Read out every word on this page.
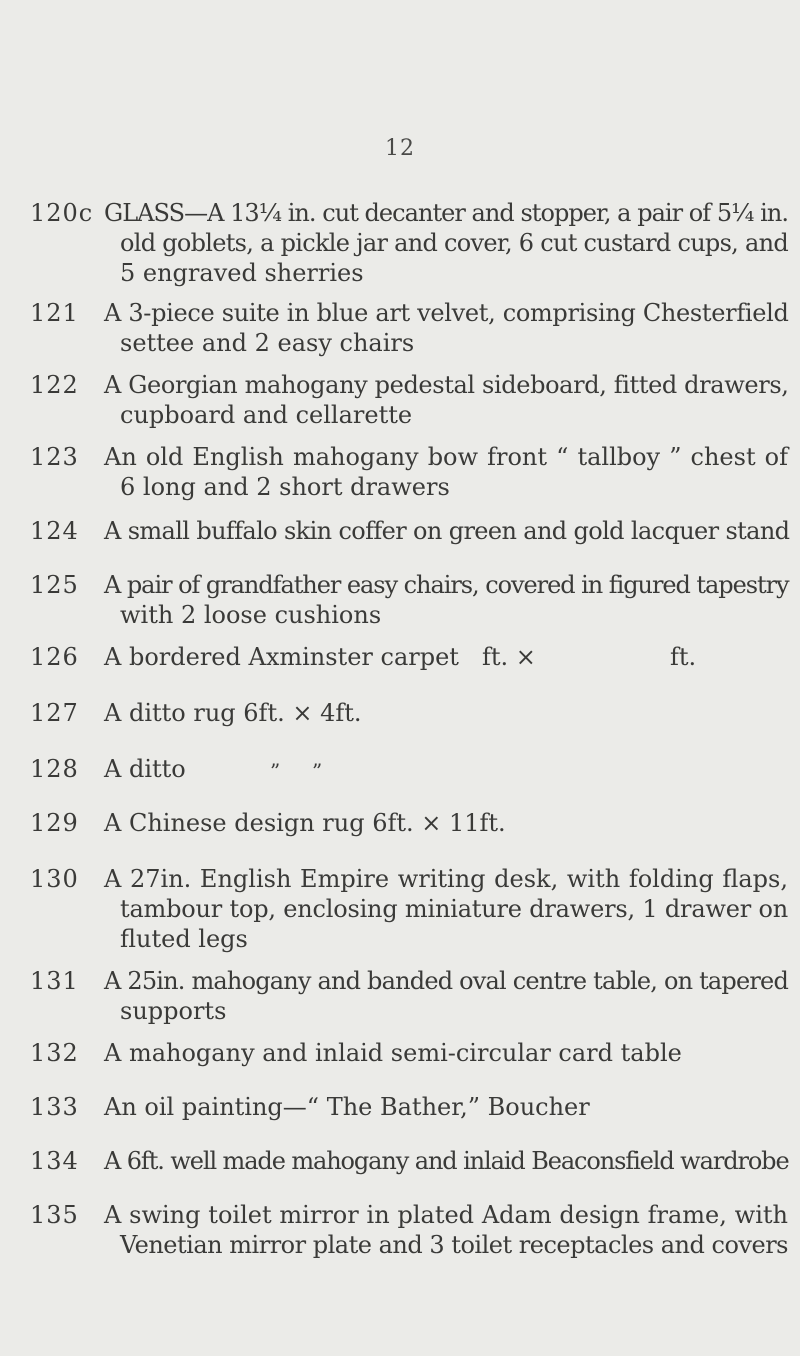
12
120c GLASS—A 13¼ in. cut decanter and stopper, a pair of 5¼ in.
old goblets, a pickle jar and cover, 6 cut custard cups, and
5 engraved sherries
121	A 3-piece suite in blue art velvet, comprising Chesterfield
settee and 2 easy chairs
122	A Georgian mahogany pedestal sideboard, fitted drawers,
cupboard and cellarette
123	An old English mahogany bow front “ tallboy ” chest of
6 long and 2 short drawers
124	A small buffalo skin coffer on green and gold lacquer stand
125	A pair of grandfather easy chairs, covered in figured tapestry
with 2 loose cushions
126	A bordered Axminster carpet ft. ×	ft.
127	A ditto rug 6ft. × 4ft.
128	A ditto	” ”
129	A Chinese design rug 6ft. × 11ft.
130	A 27in. English Empire writing desk, with folding flaps,
tambour top, enclosing miniature drawers, 1 drawer on
fluted legs
131	A 25in. mahogany and banded oval centre table, on tapered
supports
132	A mahogany and inlaid semi-circular card table
133	An oil painting—“ The Bather,” Boucher
134	A 6ft. well made mahogany and inlaid Beaconsfield wardrobe
135	A swing toilet mirror in plated Adam design frame, with
Venetian mirror plate and 3 toilet receptacles and covers
